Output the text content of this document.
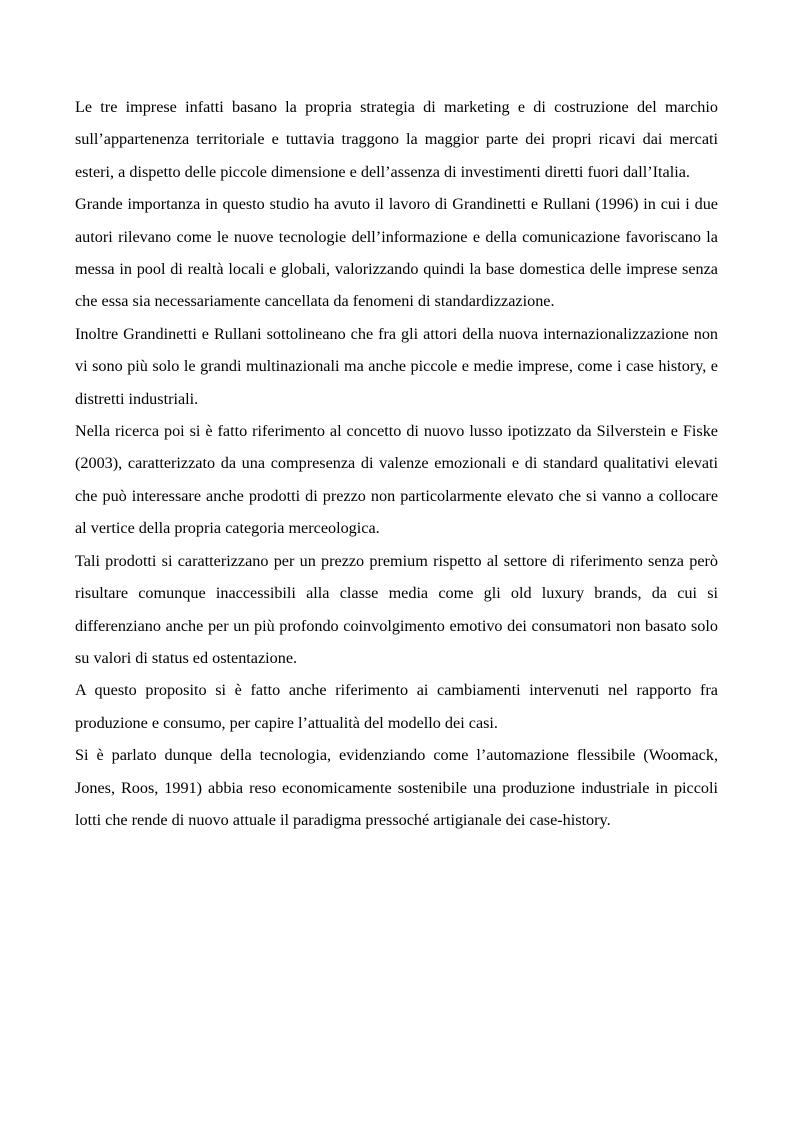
Le tre imprese infatti basano la propria strategia di marketing e di costruzione del marchio sull’appartenenza territoriale e tuttavia traggono la maggior parte dei propri ricavi dai mercati esteri, a dispetto delle piccole dimensione e dell’assenza di investimenti diretti fuori dall’Italia.

Grande importanza in questo studio ha avuto il lavoro di Grandinetti e Rullani (1996) in cui i due autori rilevano come le nuove tecnologie dell’informazione e della comunicazione favoriscano la messa in pool di realtà locali e globali, valorizzando quindi la base domestica delle imprese senza che essa sia necessariamente cancellata da fenomeni di standardizzazione.

Inoltre Grandinetti e Rullani sottolineano che fra gli attori della nuova internazionalizzazione non vi sono più solo le grandi multinazionali ma anche piccole e medie imprese, come i case history, e distretti industriali.

Nella ricerca poi si è fatto riferimento al concetto di nuovo lusso ipotizzato da Silverstein e Fiske (2003), caratterizzato da una compresenza di valenze emozionali e di standard qualitativi elevati che può interessare anche prodotti di prezzo non particolarmente elevato che si vanno a collocare al vertice della propria categoria merceologica.

Tali prodotti si caratterizzano per un prezzo premium rispetto al settore di riferimento senza però risultare comunque inaccessibili alla classe media come gli old luxury brands, da cui si differenziano anche per un più profondo coinvolgimento emotivo dei consumatori non basato solo su valori di status ed ostentazione.

A questo proposito si è fatto anche riferimento ai cambiamenti intervenuti nel rapporto fra produzione e consumo, per capire l’attualità del modello dei casi.

Si è parlato dunque della tecnologia, evidenziando come l’automazione flessibile (Woomack, Jones, Roos, 1991) abbia reso economicamente sostenibile una produzione industriale in piccoli lotti che rende di nuovo attuale il paradigma pressoché artigianale dei case-history.
